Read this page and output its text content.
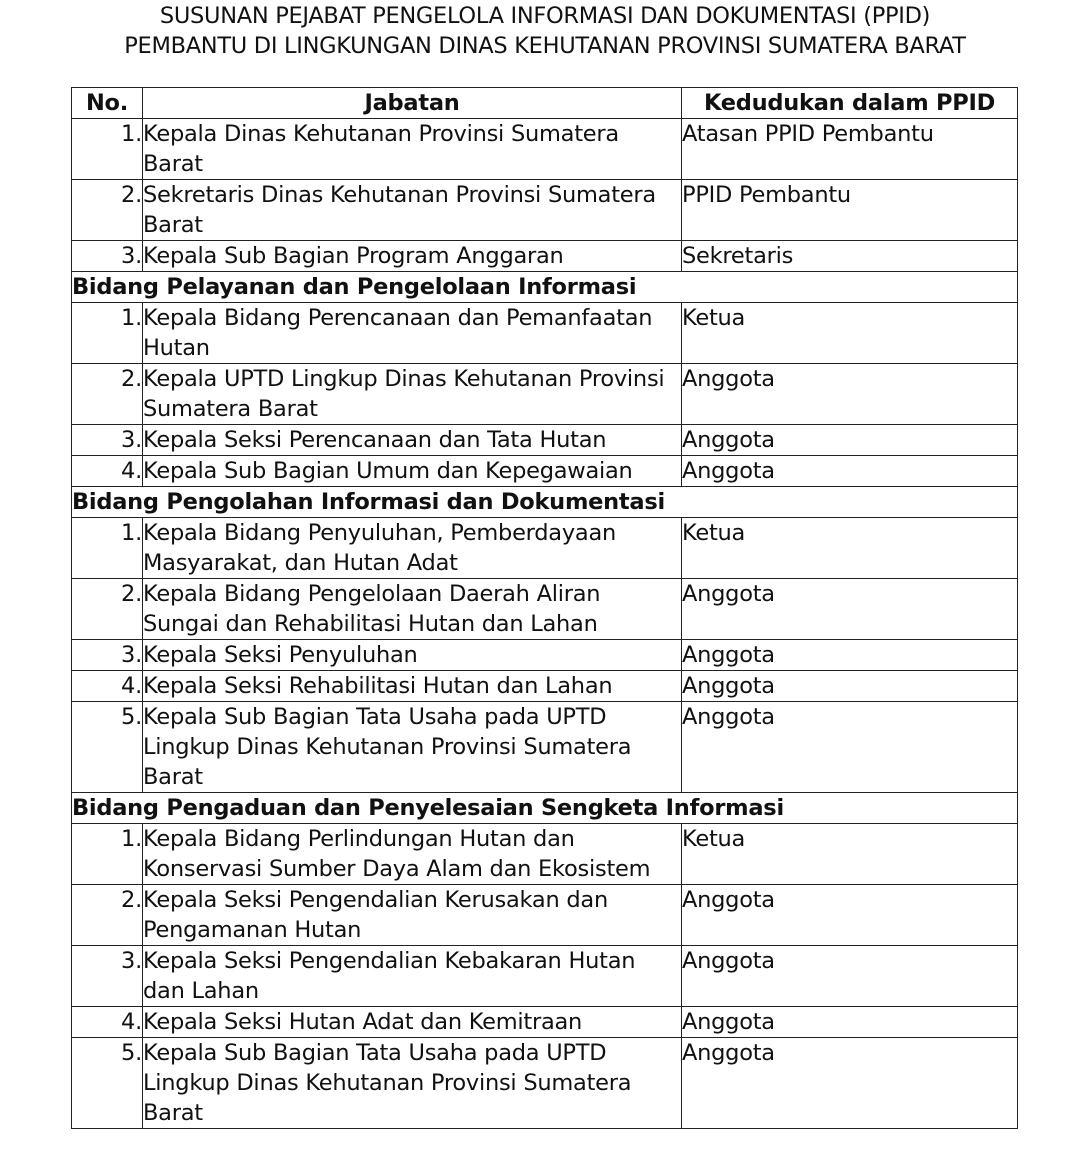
SUSUNAN PEJABAT PENGELOLA INFORMASI DAN DOKUMENTASI (PPID)
PEMBANTU DI LINGKUNGAN DINAS KEHUTANAN PROVINSI SUMATERA BARAT
No.	Jabatan	Kedudukan dalam PPID
1.	Kepala Dinas Kehutanan Provinsi Sumatera Barat	Atasan PPID Pembantu
2.	Sekretaris Dinas Kehutanan Provinsi Sumatera Barat	PPID Pembantu
3.	Kepala Sub Bagian Program Anggaran	Sekretaris
Bidang Pelayanan dan Pengelolaan Informasi		
1.	Kepala Bidang Perencanaan dan Pemanfaatan Hutan	Ketua
2.	Kepala UPTD Lingkup Dinas Kehutanan Provinsi Sumatera Barat	Anggota
3.	Kepala Seksi Perencanaan dan Tata Hutan	Anggota
4.	Kepala Sub Bagian Umum dan Kepegawaian	Anggota
Bidang Pengolahan Informasi dan Dokumentasi		
1.	Kepala Bidang Penyuluhan, Pemberdayaan Masyarakat, dan Hutan Adat	Ketua
2.	Kepala Bidang Pengelolaan Daerah Aliran Sungai dan Rehabilitasi Hutan dan Lahan	Anggota
3.	Kepala Seksi Penyuluhan	Anggota
4.	Kepala Seksi Rehabilitasi Hutan dan Lahan	Anggota
5.	Kepala Sub Bagian Tata Usaha pada UPTD Lingkup Dinas Kehutanan Provinsi Sumatera Barat	Anggota
Bidang Pengaduan dan Penyelesaian Sengketa Informasi		
1.	Kepala Bidang Perlindungan Hutan dan Konservasi Sumber Daya Alam dan Ekosistem	Ketua
2.	Kepala Seksi Pengendalian Kerusakan dan Pengamanan Hutan	Anggota
3.	Kepala Seksi Pengendalian Kebakaran Hutan dan Lahan	Anggota
4.	Kepala Seksi Hutan Adat dan Kemitraan	Anggota
5.	Kepala Sub Bagian Tata Usaha pada UPTD Lingkup Dinas Kehutanan Provinsi Sumatera Barat	Anggota
